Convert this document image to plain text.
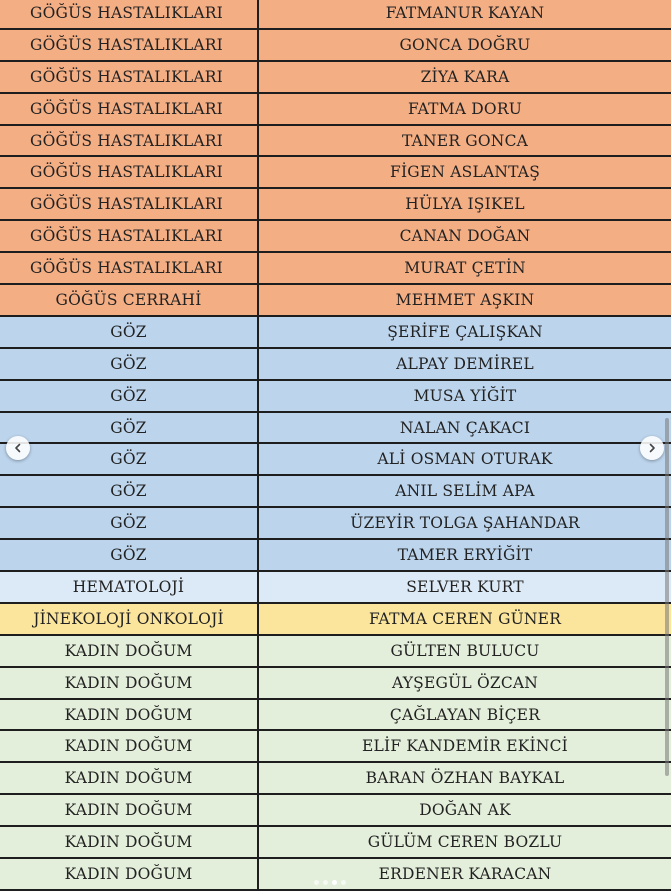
GÖĞÜS HASTALIKLARI	FATMANUR KAYAN
GÖĞÜS HASTALIKLARI	GONCA DOĞRU
GÖĞÜS HASTALIKLARI	ZİYA KARA
GÖĞÜS HASTALIKLARI	FATMA DORU
GÖĞÜS HASTALIKLARI	TANER GONCA
GÖĞÜS HASTALIKLARI	FİGEN ASLANTAŞ
GÖĞÜS HASTALIKLARI	HÜLYA IŞIKEL
GÖĞÜS HASTALIKLARI	CANAN DOĞAN
GÖĞÜS HASTALIKLARI	MURAT ÇETİN
GÖĞÜS CERRAHİ	MEHMET AŞKIN
GÖZ	ŞERİFE ÇALIŞKAN
GÖZ	ALPAY DEMİREL
GÖZ	MUSA YİĞİT
GÖZ	NALAN ÇAKACI
GÖZ	ALİ OSMAN OTURAK
GÖZ	ANIL SELİM APA
GÖZ	ÜZEYİR TOLGA ŞAHANDAR
GÖZ	TAMER ERYİĞİT
HEMATOLOJİ	SELVER KURT
JİNEKOLOJİ ONKOLOJİ	FATMA CEREN GÜNER
KADIN DOĞUM	GÜLTEN BULUCU
KADIN DOĞUM	AYŞEGÜL ÖZCAN
KADIN DOĞUM	ÇAĞLAYAN BİÇER
KADIN DOĞUM	ELİF KANDEMİR EKİNCİ
KADIN DOĞUM	BARAN ÖZHAN BAYKAL
KADIN DOĞUM	DOĞAN AK
KADIN DOĞUM	GÜLÜM CEREN BOZLU
KADIN DOĞUM	ERDENER KARACAN
